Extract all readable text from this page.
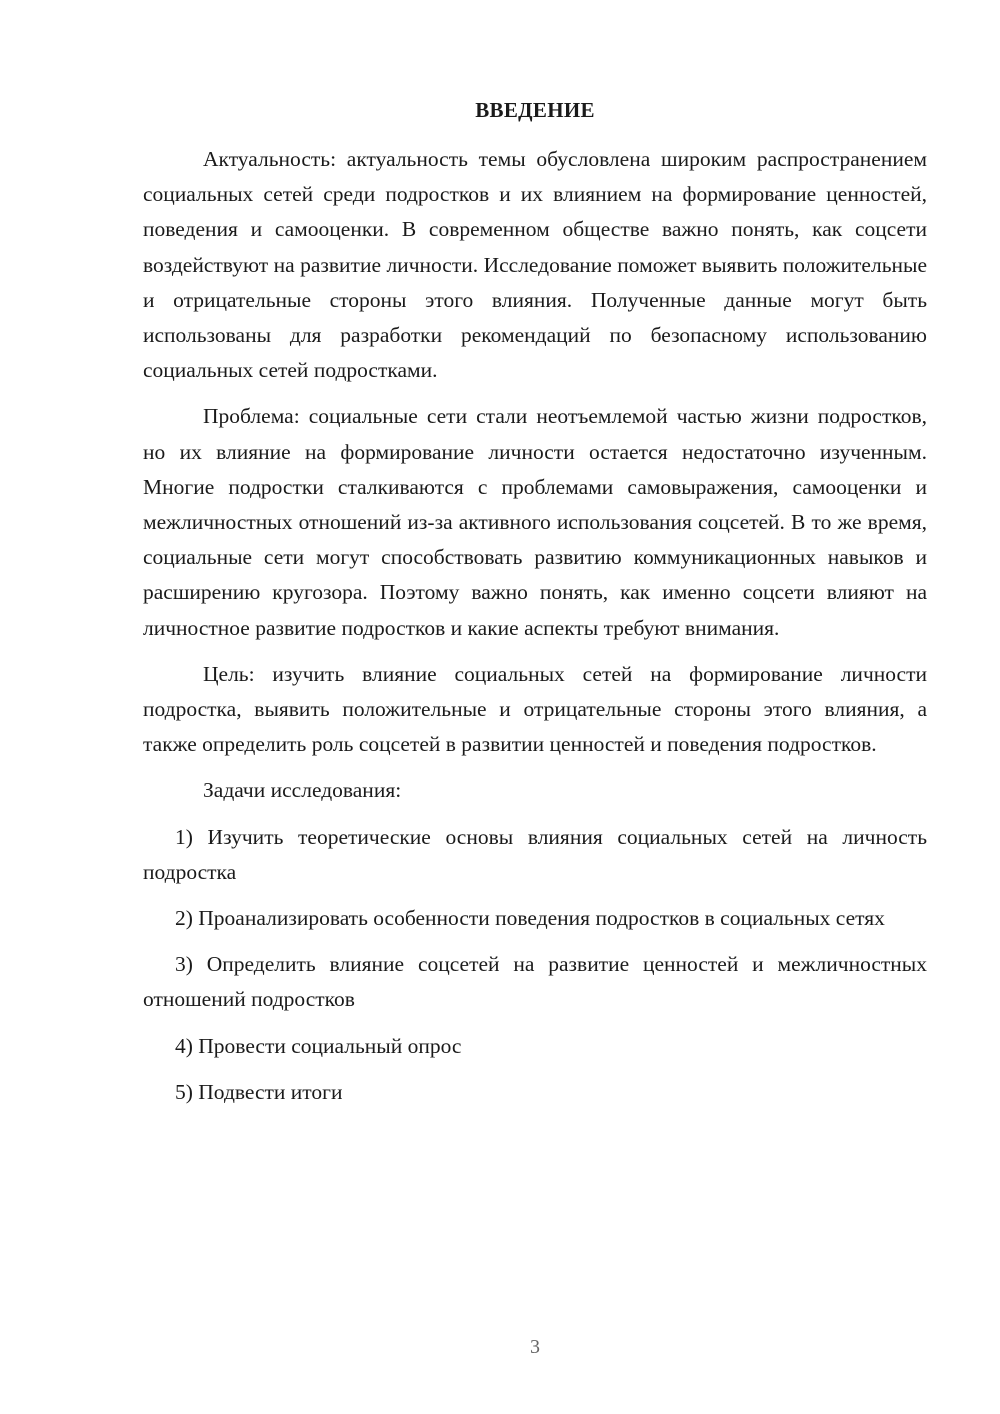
ВВЕДЕНИЕ

Актуальность: актуальность темы обусловлена широким распространением социальных сетей среди подростков и их влиянием на формирование ценностей, поведения и самооценки. В современном обществе важно понять, как соцсети воздействуют на развитие личности. Исследование поможет выявить положительные и отрицательные стороны этого влияния. Полученные данные могут быть использованы для разработки рекомендаций по безопасному использованию социальных сетей подростками.

Проблема: социальные сети стали неотъемлемой частью жизни подростков, но их влияние на формирование личности остается недостаточно изученным. Многие подростки сталкиваются с проблемами самовыражения, самооценки и межличностных отношений из-за активного использования соцсетей. В то же время, социальные сети могут способствовать развитию коммуникационных навыков и расширению кругозора. Поэтому важно понять, как именно соцсети влияют на личностное развитие подростков и какие аспекты требуют внимания.

Цель: изучить влияние социальных сетей на формирование личности подростка, выявить положительные и отрицательные стороны этого влияния, а также определить роль соцсетей в развитии ценностей и поведения подростков.

Задачи исследования:

1) Изучить теоретические основы влияния социальных сетей на личность подростка

2) Проанализировать особенности поведения подростков в социальных сетях

3) Определить влияние соцсетей на развитие ценностей и межличностных отношений подростков

4) Провести социальный опрос

5) Подвести итоги

3
